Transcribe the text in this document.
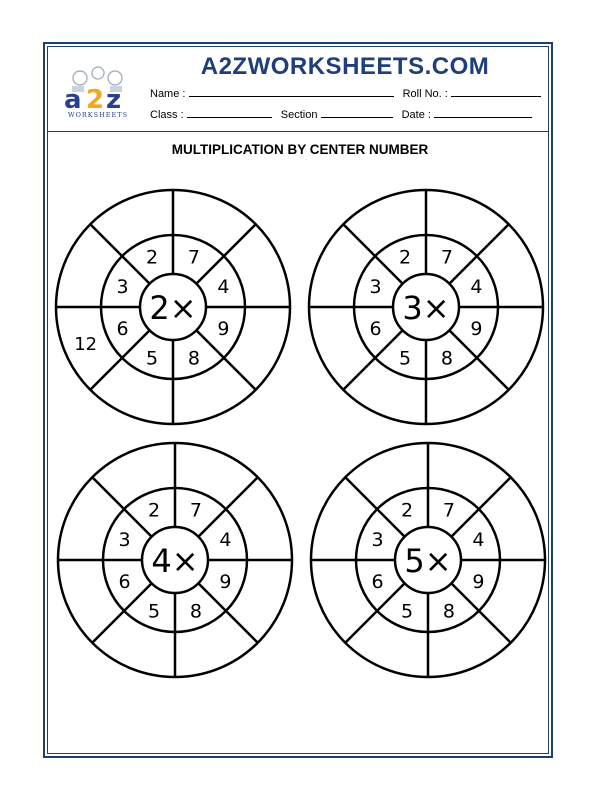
a 2 z
WORKSHEETS
A2ZWORKSHEETS.COM
Name :	Roll No. :
Class :	Section	Date :
MULTIPLICATION BY CENTER NUMBER
2 7
4
9
8
5
6
3
12
2×
2 7
4
9
8
5
6
3
3×
2 7
4
9
8
5
6
3
4×
2 7
4
9
8
5
6
3
5×
